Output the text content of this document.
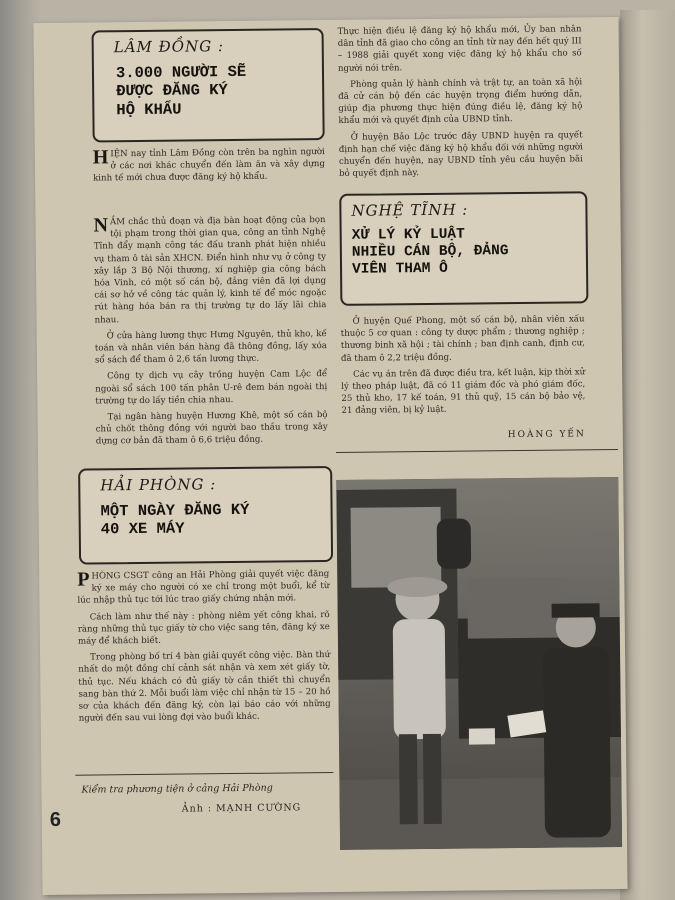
LÂM ĐỒNG :
3.000 NGƯỜI SẼ
ĐƯỢC ĐĂNG KÝ
HỘ KHẨU

HIỆN nay tỉnh Lâm Đồng còn trên ba nghìn người ở các nơi khác chuyển đến làm ăn và xây dựng kinh tế mới chưa được đăng ký hộ khẩu.

NẮM chắc thủ đoạn và địa bàn hoạt động của bọn tội phạm trong thời gian qua, công an tỉnh Nghệ Tĩnh đẩy mạnh công tác đấu tranh phát hiện nhiều vụ tham ô tài sản XHCN. Điển hình như vụ ở công ty xây lắp 3 Bộ Nội thương, xí nghiệp gia công bách hóa Vinh, có một số cán bộ, đảng viên đã lợi dụng cái sơ hở về công tác quản lý, kinh tế để móc ngoặc rút hàng hóa bán ra thị trường tự do lấy lãi chia nhau.

Ở cửa hàng lương thực Hưng Nguyên, thủ kho, kế toán và nhân viên bán hàng đã thông đồng, lấy xóa sổ sách để tham ô 2,6 tấn lương thực.

Công ty dịch vụ cây trồng huyện Cam Lộc để ngoài sổ sách 100 tấn phân U-rê đem bán ngoài thị trường tự do lấy tiền chia nhau.

Tại ngân hàng huyện Hương Khê, một số cán bộ chủ chốt thông đồng với người bao thầu trong xây dựng cơ bản đã tham ô 6,6 triệu đồng.

Thực hiện điều lệ đăng ký hộ khẩu mới, Ủy ban nhân dân tỉnh đã giao cho công an tỉnh từ nay đến hết quý III – 1988 giải quyết xong việc đăng ký hộ khẩu cho số người nói trên.

Phòng quản lý hành chính và trật tự, an toàn xã hội đã cử cán bộ đến các huyện trọng điểm hướng dẫn, giúp địa phương thực hiện đúng điều lệ, đăng ký hộ khẩu mới và quyết định của UBND tỉnh.

Ở huyện Bảo Lộc trước đây UBND huyện ra quyết định hạn chế việc đăng ký hộ khẩu đối với những người chuyển đến huyện, nay UBND tỉnh yêu cầu huyện bãi bỏ quyết định này.

NGHỆ TĨNH :
XỬ LÝ KỶ LUẬT
NHIỀU CÁN BỘ, ĐẢNG
VIÊN THAM Ô

Ở huyện Quế Phong, một số cán bộ, nhân viên xấu thuộc 5 cơ quan : công ty dược phẩm ; thương nghiệp ; thương binh xã hội ; tài chính ; ban định canh, định cư, đã tham ô 2,2 triệu đồng.

Các vụ án trên đã được điều tra, kết luận, kịp thời xử lý theo pháp luật, đã có 11 giám đốc và phó giám đốc, 25 thủ kho, 17 kế toán, 91 thủ quỹ, 15 cán bộ bảo vệ, 21 đảng viên, bị kỷ luật.

HOÀNG YẾN
HẢI PHÒNG :
MỘT NGÀY ĐĂNG KÝ
40 XE MÁY

PHÒNG CSGT công an Hải Phòng giải quyết việc đăng ký xe máy cho người có xe chỉ trong một buổi, kể từ lúc nhập thủ tục tới lúc trao giấy chứng nhận mới.

Cách làm như thế này : phòng niêm yết công khai, rõ ràng những thủ tục giấy tờ cho việc sang tên, đăng ký xe máy để khách biết.

Trong phòng bố trí 4 bàn giải quyết công việc. Bàn thứ nhất do một đồng chí cảnh sát nhận và xem xét giấy tờ, thủ tục. Nếu khách có đủ giấy tờ cần thiết thì chuyển sang bàn thứ 2. Mỗi buổi làm việc chỉ nhận từ 15 – 20 hồ sơ của khách đến đăng ký, còn lại báo cáo với những người đến sau vui lòng đợi vào buổi khác.

Kiểm tra phương tiện ở cảng Hải Phòng
Ảnh : MẠNH CƯỜNG
6
